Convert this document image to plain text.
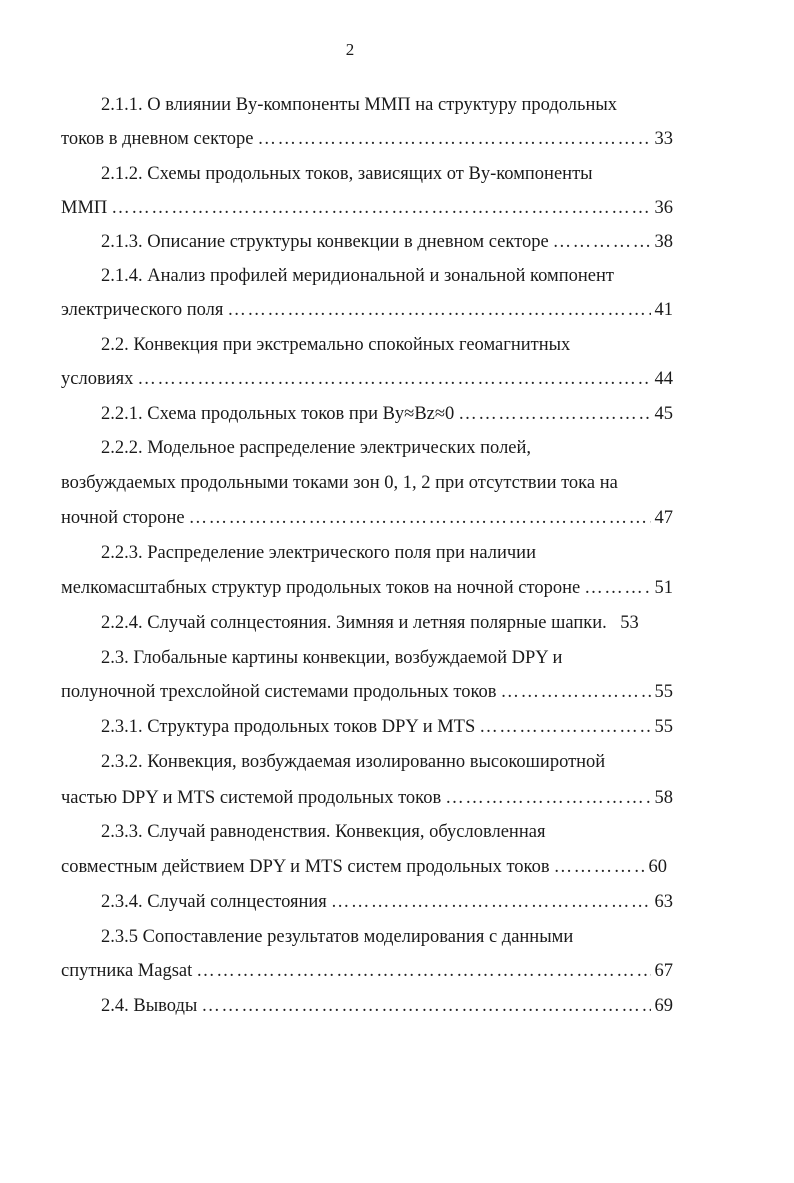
2
2.1.1. О влиянии Bу-компоненты ММП на структуру продольных
токов в дневном секторе ……………………………………………………………………………………………………………………	33
2.1.2. Схемы продольных токов, зависящих от Bу-компоненты
ММП ……………………………………………………………………………………………………………………	36
2.1.3. Описание структуры конвекции в дневном секторе ……………………………………………………………………………………………………………………	38
2.1.4. Анализ профилей меридиональной и зональной компонент
электрического поля ……………………………………………………………………………………………………………………	41
2.2. Конвекция при экстремально спокойных геомагнитных
условиях ……………………………………………………………………………………………………………………	44
2.2.1. Схема продольных токов при Bу≈Bz≈0 ……………………………………………………………………………………………………………………	45
2.2.2. Модельное распределение электрических полей,
возбуждаемых продольными токами зон 0, 1, 2 при отсутствии тока на
ночной стороне ……………………………………………………………………………………………………………………	47
2.2.3. Распределение электрического поля при наличии
мелкомасштабных структур продольных токов на ночной стороне ……………………………………………………………………………………………………………………	51
2.2.4. Случай солнцестояния. Зимняя и летняя полярные шапки. 53
2.3. Глобальные картины конвекции, возбуждаемой DPY и
полуночной трехслойной системами продольных токов ……………………………………………………………………………………………………………………	55
2.3.1. Структура продольных токов DPY и MTS ……………………………………………………………………………………………………………………	55
2.3.2. Конвекция, возбуждаемая изолированно высокоширотной
частью DPY и MTS системой продольных токов ……………………………………………………………………………………………………………………	58
2.3.3. Случай равноденствия. Конвекция, обусловленная
совместным действием DPY и MTS систем продольных токов ……………………………………………………………………………………………………………………	60
2.3.4. Случай солнцестояния ……………………………………………………………………………………………………………………	63
2.3.5 Сопоставление результатов моделирования с данными
спутника Magsat ……………………………………………………………………………………………………………………	67
2.4. Выводы ……………………………………………………………………………………………………………………	69
